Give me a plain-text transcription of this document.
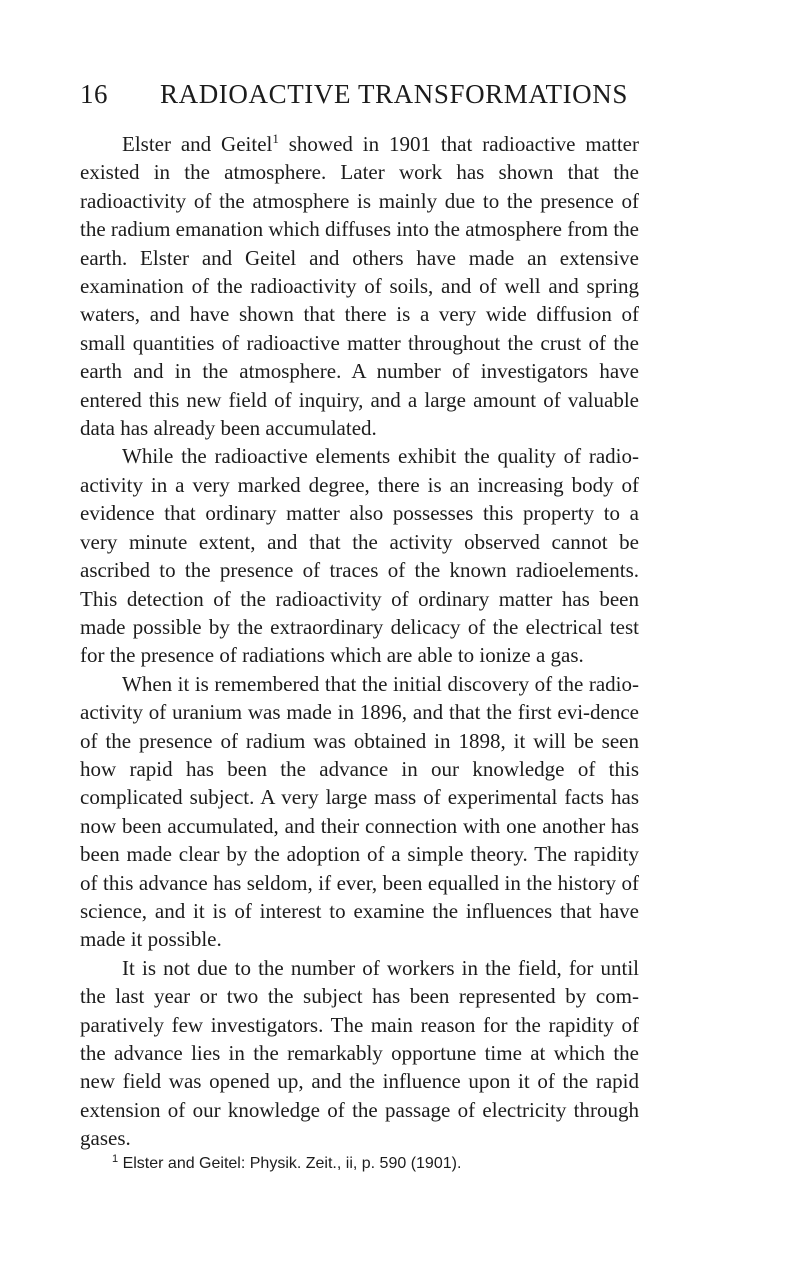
16 RADIOACTIVE TRANSFORMATIONS

Elster and Geitel$^1$ showed in 1901 that radioactive matter existed in the atmosphere. Later work has shown that the radioactivity of the atmosphere is mainly due to the presence of the radium emanation which diffuses into the atmosphere from the earth. Elster and Geitel and others have made an extensive examination of the radioactivity of soils, and of well and spring waters, and have shown that there is a very wide diffusion of small quantities of radioactive matter throughout the crust of the earth and in the atmosphere. A number of investigators have entered this new field of inquiry, and a large amount of valuable data has already been accumulated.

While the radioactive elements exhibit the quality of radio-activity in a very marked degree, there is an increasing body of evidence that ordinary matter also possesses this property to a very minute extent, and that the activity observed cannot be ascribed to the presence of traces of the known radioelements. This detection of the radioactivity of ordinary matter has been made possible by the extraordinary delicacy of the electrical test for the presence of radiations which are able to ionize a gas.

When it is remembered that the initial discovery of the radio-activity of uranium was made in 1896, and that the first evi-dence of the presence of radium was obtained in 1898, it will be seen how rapid has been the advance in our knowledge of this complicated subject. A very large mass of experimental facts has now been accumulated, and their connection with one another has been made clear by the adoption of a simple theory. The rapidity of this advance has seldom, if ever, been equalled in the history of science, and it is of interest to examine the influences that have made it possible.

It is not due to the number of workers in the field, for until the last year or two the subject has been represented by com-paratively few investigators. The main reason for the rapidity of the advance lies in the remarkably opportune time at which the new field was opened up, and the influence upon it of the rapid extension of our knowledge of the passage of electricity through gases.

$^1$ Elster and Geitel: Physik. Zeit., ii, p. 590 (1901).
